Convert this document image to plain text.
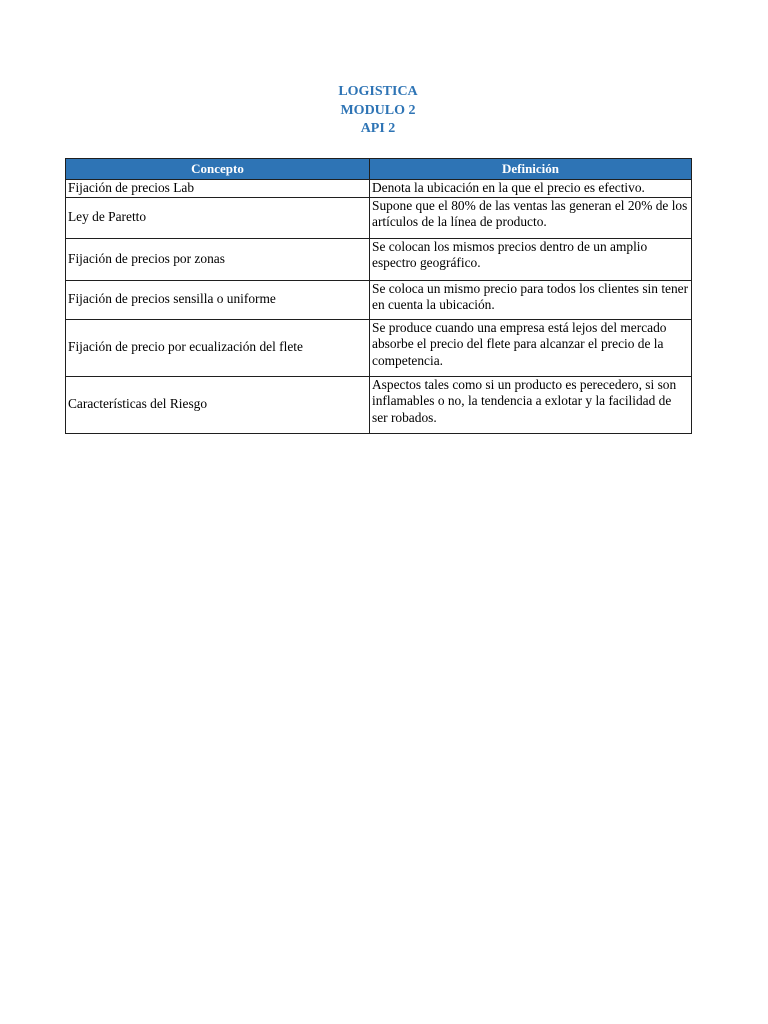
LOGISTICA
MODULO 2
API 2
Concepto	Definición
Fijación de precios Lab	Denota la ubicación en la que el precio es efectivo.
Ley de Paretto	Supone que el 80% de las ventas las generan el 20% de los artículos de la línea de producto.
Fijación de precios por zonas	Se colocan los mismos precios dentro de un amplio espectro geográfico.
Fijación de precios sensilla o uniforme	Se coloca un mismo precio para todos los clientes sin tener en cuenta la ubicación.
Fijación de precio por ecualización del flete	Se produce cuando una empresa está lejos del mercado absorbe el precio del flete para alcanzar el precio de la competencia.
Características del Riesgo	Aspectos tales como si un producto es perecedero, si son inflamables o no, la tendencia a exlotar y la facilidad de ser robados.
